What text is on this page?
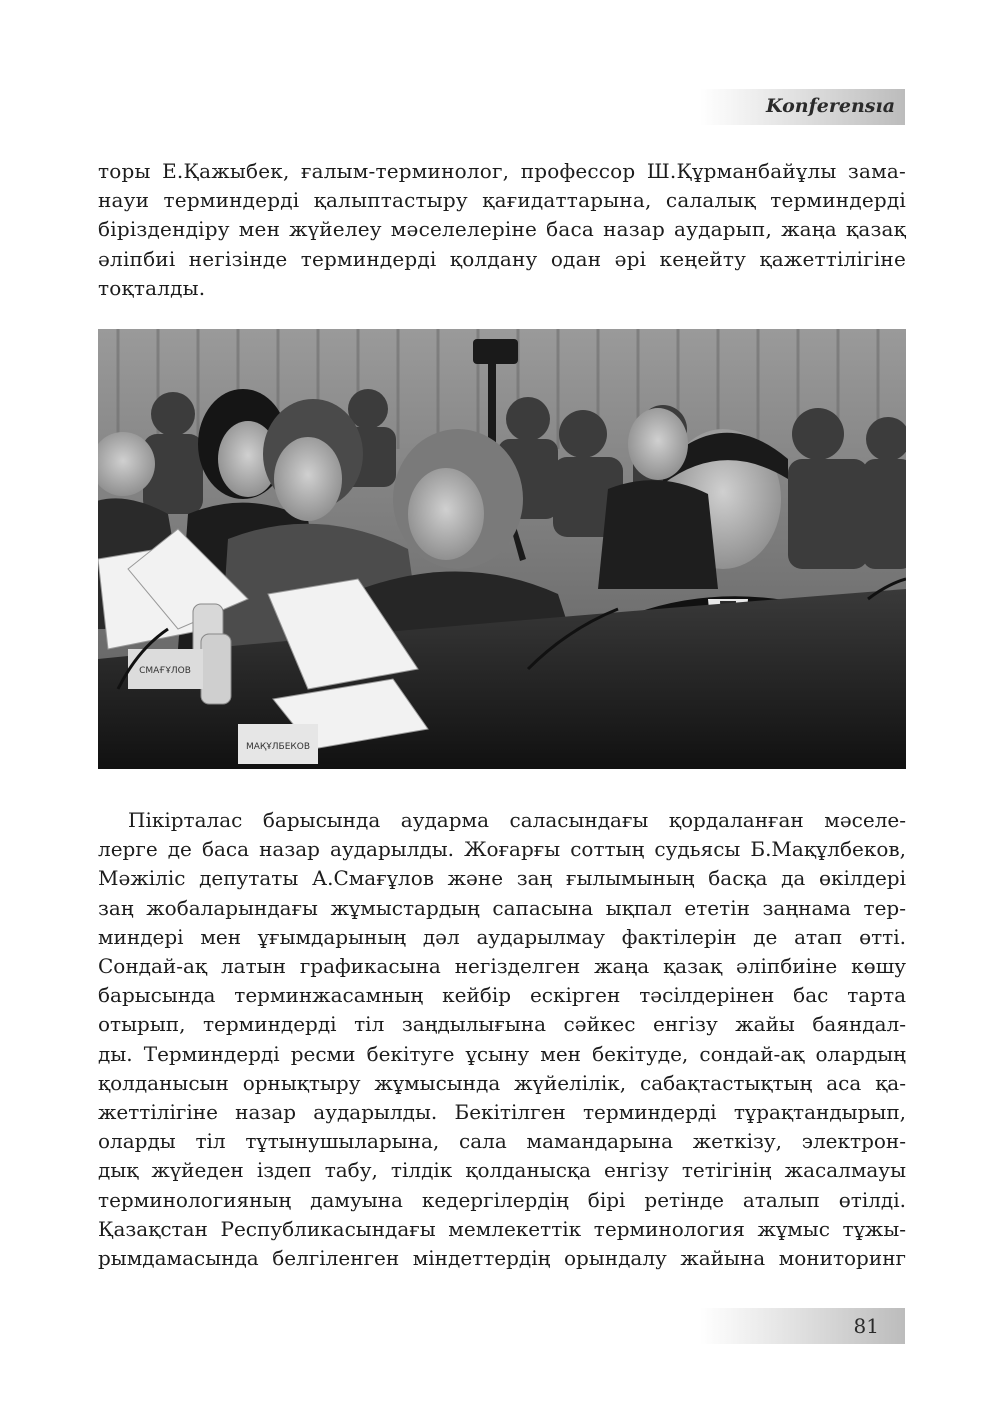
Konferensıa
торы Е.Қажыбек, ғалым-терминолог, профессор Ш.Құрманбайұлы зама-
науи терминдерді қалыптастыру қағидаттарына, салалық терминдерді
біріздендіру мен жүйелеу мәселелеріне баса назар аударып, жаңа қазақ
әліпбиі негізінде терминдерді қолдану одан әрі кеңейту қажеттілігіне
тоқталды.
МАҚҰЛБЕКОВ
СМАҒҰЛОВ
Пікірталас барысында аударма саласындағы қордаланған мәселе-
лерге де баса назар аударылды. Жоғарғы соттың судьясы Б.Мақұлбеков,
Мәжіліс депутаты А.Смағұлов және заң ғылымының басқа да өкілдері
заң жобаларындағы жұмыстардың сапасына ықпал ететін заңнама тер-
миндері мен ұғымдарының дәл аударылмау фактілерін де атап өтті.
Сондай-ақ латын графикасына негізделген жаңа қазақ әліпбиіне көшу
барысында терминжасамның кейбір ескірген тәсілдерінен бас тарта
отырып, терминдерді тіл заңдылығына сәйкес енгізу жайы баяндал-
ды. Терминдерді ресми бекітуге ұсыну мен бекітуде, сондай-ақ олардың
қолданысын орнықтыру жұмысында жүйелілік, сабақтастықтың аса қа-
жеттілігіне назар аударылды. Бекітілген терминдерді тұрақтандырып,
оларды тіл тұтынушыларына, сала мамандарына жеткізу, электрон-
дық жүйеден іздеп табу, тілдік қолданысқа енгізу тетігінің жасалмауы
терминологияның дамуына кедергілердің бірі ретінде аталып өтілді.
Қазақстан Республикасындағы мемлекеттік терминология жұмыс тұжы-
рымдамасында белгіленген міндеттердің орындалу жайына мониторинг
81
